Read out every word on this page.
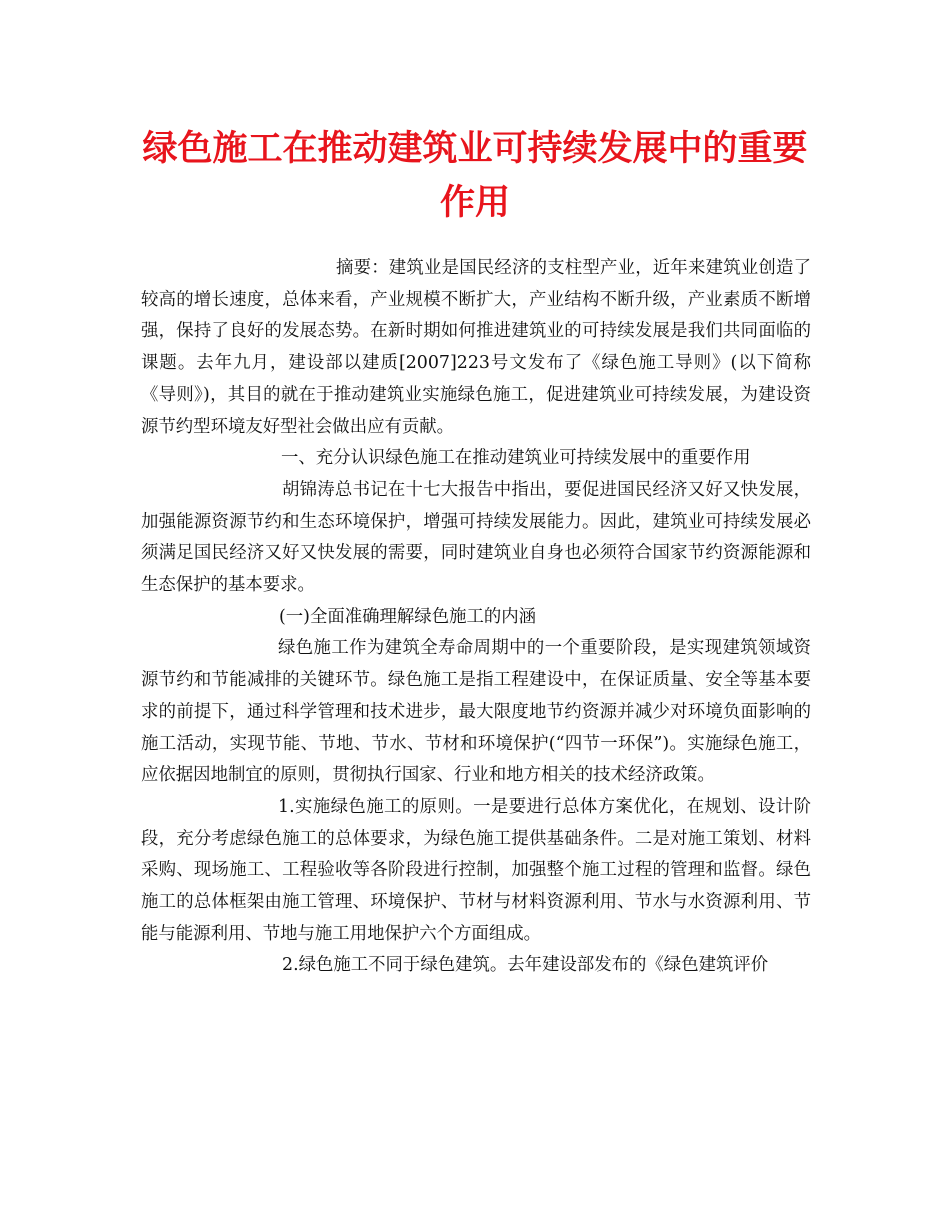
绿色施工在推动建筑业可持续发展中的重要
作用

摘要：建筑业是国民经济的支柱型产业，近年来建筑业创造了较高的增长速度，总体来看，产业规模不断扩大，产业结构不断升级，产业素质不断增强，保持了良好的发展态势。在新时期如何推进建筑业的可持续发展是我们共同面临的课题。去年九月，建设部以建质[2007]223号文发布了《绿色施工导则》(以下简称《导则》)，其目的就在于推动建筑业实施绿色施工，促进建筑业可持续发展，为建设资源节约型环境友好型社会做出应有贡献。

一、充分认识绿色施工在推动建筑业可持续发展中的重要作用

胡锦涛总书记在十七大报告中指出，要促进国民经济又好又快发展，加强能源资源节约和生态环境保护，增强可持续发展能力。因此，建筑业可持续发展必须满足国民经济又好又快发展的需要，同时建筑业自身也必须符合国家节约资源能源和生态保护的基本要求。

(一)全面准确理解绿色施工的内涵

绿色施工作为建筑全寿命周期中的一个重要阶段，是实现建筑领域资源节约和节能减排的关键环节。绿色施工是指工程建设中，在保证质量、安全等基本要求的前提下，通过科学管理和技术进步，最大限度地节约资源并减少对环境负面影响的施工活动，实现节能、节地、节水、节材和环境保护(“四节一环保”)。实施绿色施工，应依据因地制宜的原则，贯彻执行国家、行业和地方相关的技术经济政策。

1.实施绿色施工的原则。一是要进行总体方案优化，在规划、设计阶段，充分考虑绿色施工的总体要求，为绿色施工提供基础条件。二是对施工策划、材料采购、现场施工、工程验收等各阶段进行控制，加强整个施工过程的管理和监督。绿色施工的总体框架由施工管理、环境保护、节材与材料资源利用、节水与水资源利用、节能与能源利用、节地与施工用地保护六个方面组成。

2.绿色施工不同于绿色建筑。去年建设部发布的《绿色建筑评价
